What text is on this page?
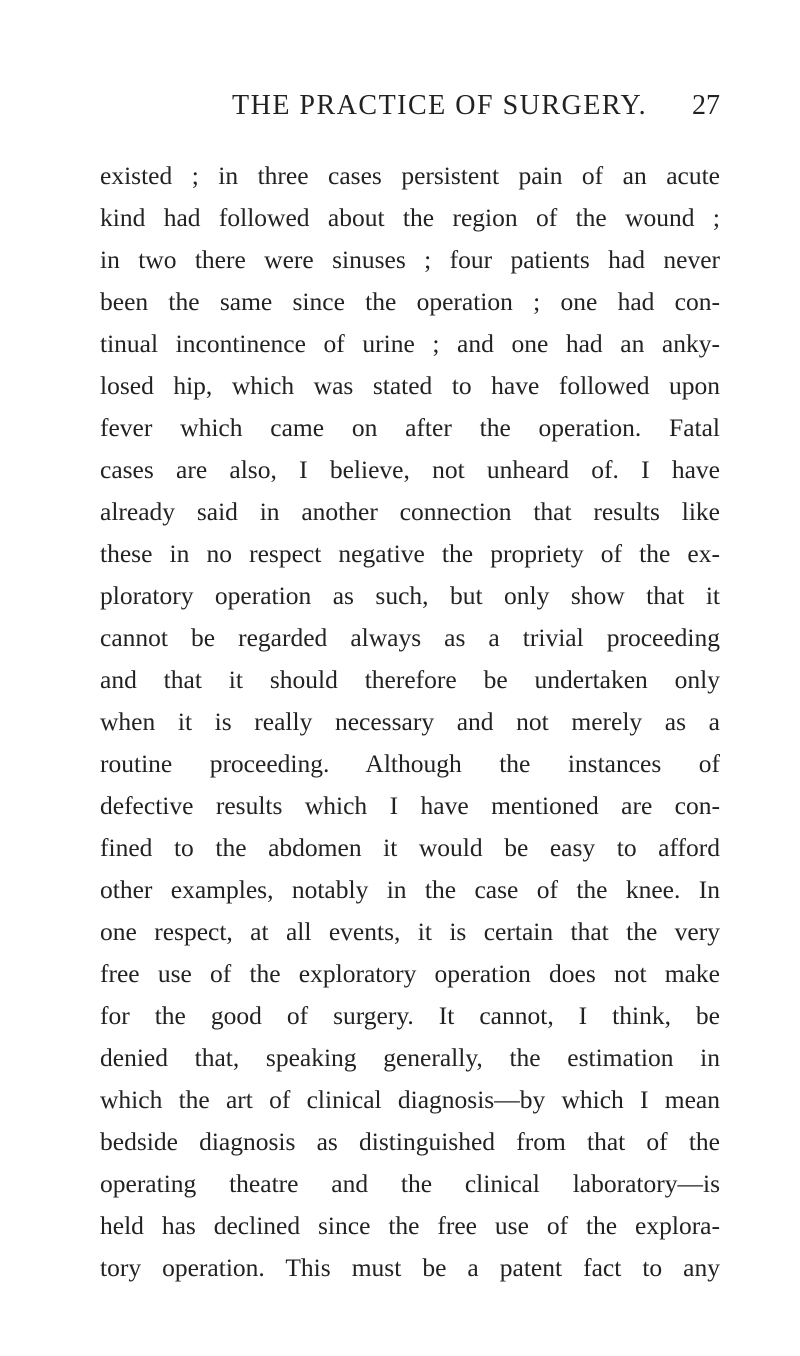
THE PRACTICE OF SURGERY. 27
existed ; in three cases persistent pain of an acute
kind had followed about the region of the wound ;
in two there were sinuses ; four patients had never
been the same since the operation ; one had con-
tinual incontinence of urine ; and one had an anky-
losed hip, which was stated to have followed upon
fever which came on after the operation. Fatal
cases are also, I believe, not unheard of. I have
already said in another connection that results like
these in no respect negative the propriety of the ex-
ploratory operation as such, but only show that it
cannot be regarded always as a trivial proceeding
and that it should therefore be undertaken only
when it is really necessary and not merely as a
routine proceeding. Although the instances of
defective results which I have mentioned are con-
fined to the abdomen it would be easy to afford
other examples, notably in the case of the knee. In
one respect, at all events, it is certain that the very
free use of the exploratory operation does not make
for the good of surgery. It cannot, I think, be
denied that, speaking generally, the estimation in
which the art of clinical diagnosis—by which I mean
bedside diagnosis as distinguished from that of the
operating theatre and the clinical laboratory—is
held has declined since the free use of the explora-
tory operation. This must be a patent fact to any
